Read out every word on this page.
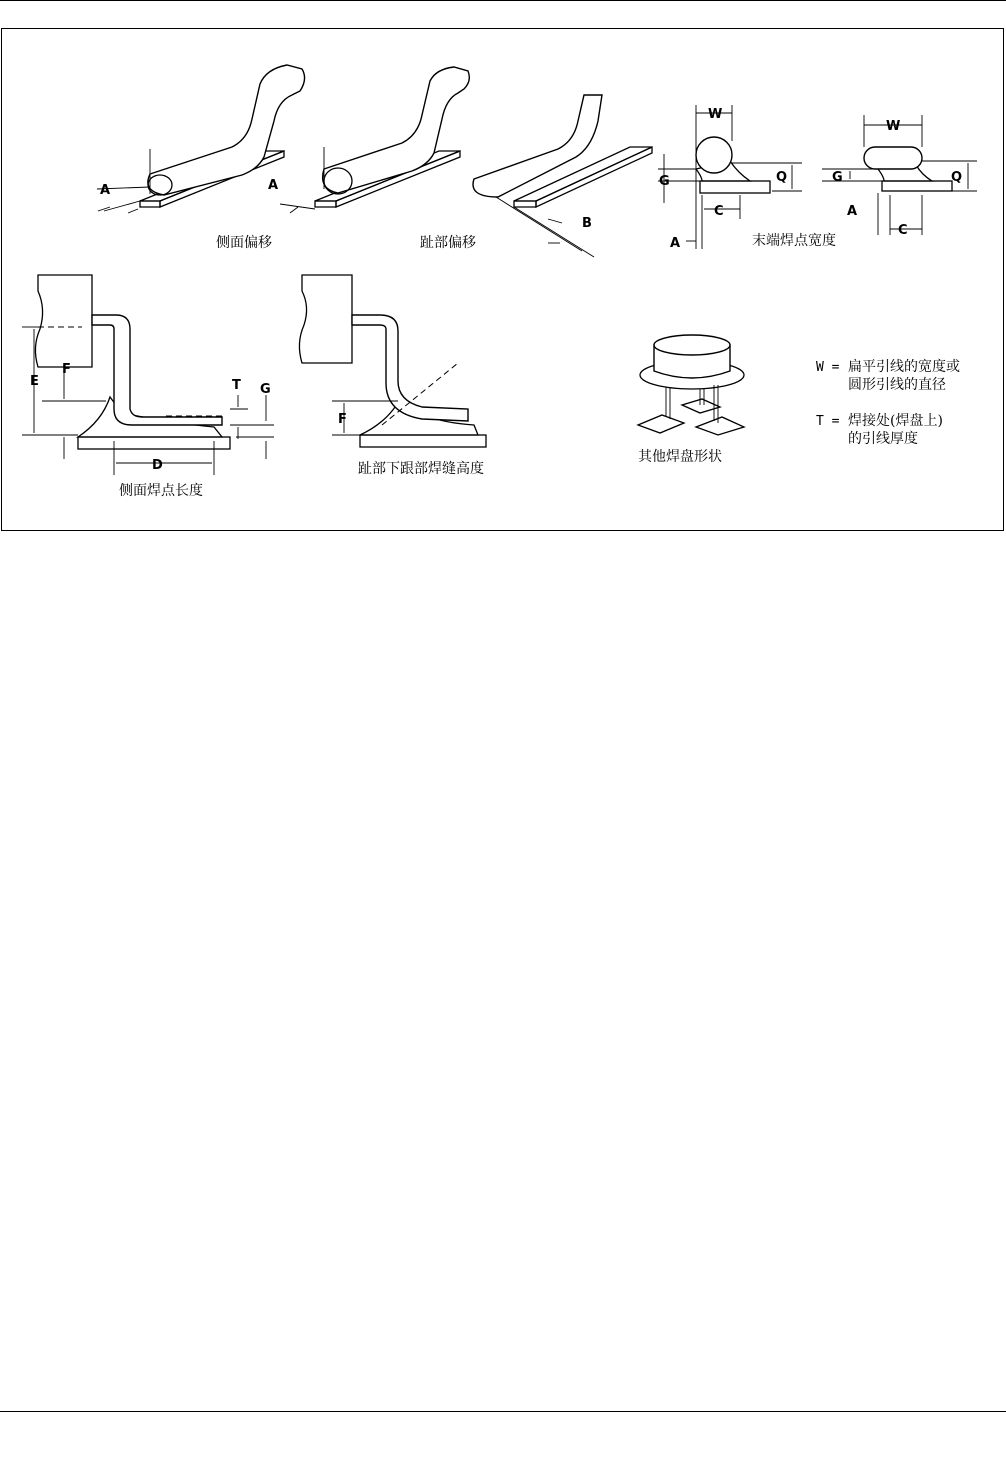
A
侧面偏移
A
趾部偏移
B
W
Q
G
C
A	末端焊点宽度
W
Q
G
A
C
E
F
T G
D
侧面焊点长度
F
趾部下跟部焊缝高度
其他焊盘形状
W = 扁平引线的宽度或
圆形引线的直径
T = 焊接处(焊盘上)
的引线厚度
